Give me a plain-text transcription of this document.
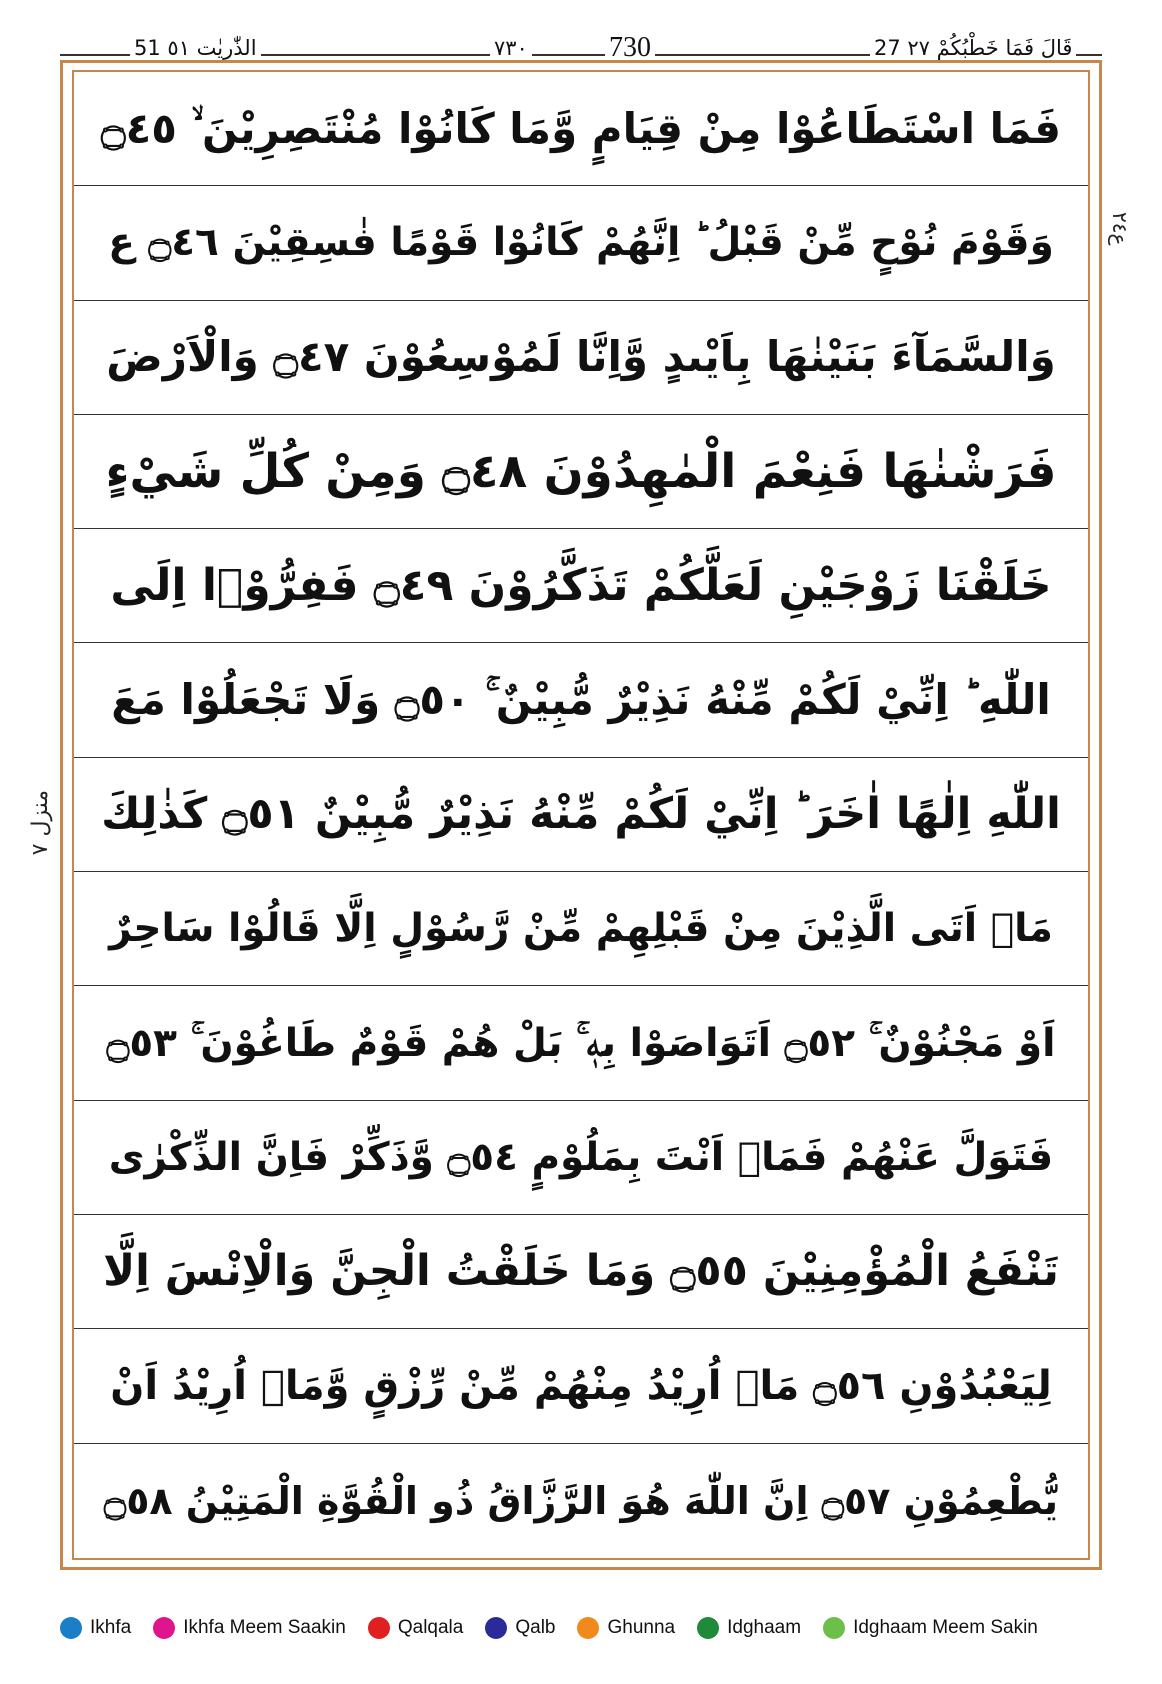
الذّٰرِيٰت ٥١ 51	٧٣٠	730	27 قَالَ فَمَا خَطْبُكُمْ ٢٧
ع٢٤
منزل ٧
فَمَا اسْتَطَاعُوْا مِنْ قِيَامٍ وَّمَا كَانُوْا مُنْتَصِرِيْنَ ۙ ۝٤٥
وَقَوْمَ نُوْحٍ مِّنْ قَبْلُ ؕ اِنَّهُمْ كَانُوْا قَوْمًا فٰسِقِيْنَ ۝٤٦ ع
وَالسَّمَآءَ بَنَيْنٰهَا بِاَيْىدٍ وَّاِنَّا لَمُوْسِعُوْنَ ۝٤٧ وَالْاَرْضَ
فَرَشْنٰهَا فَنِعْمَ الْمٰهِدُوْنَ ۝٤٨ وَمِنْ كُلِّ شَيْءٍ
خَلَقْنَا زَوْجَيْنِ لَعَلَّكُمْ تَذَكَّرُوْنَ ۝٤٩ فَفِرُّوْۤا اِلَى
اللّٰهِ ؕ اِنِّيْ لَكُمْ مِّنْهُ نَذِيْرٌ مُّبِيْنٌ ۚ ۝٥٠ وَلَا تَجْعَلُوْا مَعَ
اللّٰهِ اِلٰهًا اٰخَرَ ؕ اِنِّيْ لَكُمْ مِّنْهُ نَذِيْرٌ مُّبِيْنٌ ۝٥١ كَذٰلِكَ
مَاۤ اَتَى الَّذِيْنَ مِنْ قَبْلِهِمْ مِّنْ رَّسُوْلٍ اِلَّا قَالُوْا سَاحِرٌ
اَوْ مَجْنُوْنٌ ۚ ۝٥٢ اَتَوَاصَوْا بِهٖ ۚ بَلْ هُمْ قَوْمٌ طَاغُوْنَ ۚ ۝٥٣
فَتَوَلَّ عَنْهُمْ فَمَاۤ اَنْتَ بِمَلُوْمٍ ۝٥٤ وَّذَكِّرْ فَاِنَّ الذِّكْرٰى
تَنْفَعُ الْمُؤْمِنِيْنَ ۝٥٥ وَمَا خَلَقْتُ الْجِنَّ وَالْاِنْسَ اِلَّا
لِيَعْبُدُوْنِ ۝٥٦ مَاۤ اُرِيْدُ مِنْهُمْ مِّنْ رِّزْقٍ وَّمَاۤ اُرِيْدُ اَنْ
يُّطْعِمُوْنِ ۝٥٧ اِنَّ اللّٰهَ هُوَ الرَّزَّاقُ ذُو الْقُوَّةِ الْمَتِيْنُ ۝٥٨
Ikhfa	Ikhfa Meem Saakin	Qalqala	Qalb	Ghunna	Idghaam	Idghaam Meem Sakin
